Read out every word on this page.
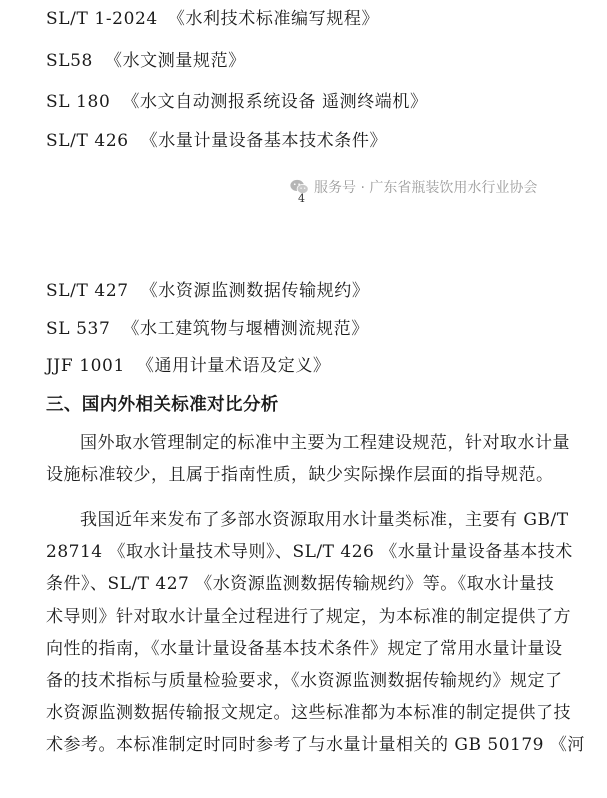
SL/T 1-2024 《水利技术标准编写规程》
SL58 《水文测量规范》
SL 180 《水文自动测报系统设备 遥测终端机》
SL/T 426 《水量计量设备基本技术条件》
服务号 · 广东省瓶装饮用水行业协会
4
SL/T 427 《水资源监测数据传输规约》
SL 537 《水工建筑物与堰槽测流规范》
JJF 1001 《通用计量术语及定义》
三、国内外相关标准对比分析

国外取水管理制定的标准中主要为工程建设规范，针对取水计量

设施标准较少，且属于指南性质，缺少实际操作层面的指导规范。

我国近年来发布了多部水资源取用水计量类标准，主要有 GB/T

28714 《取水计量技术导则》、SL/T 426 《水量计量设备基本技术

条件》、SL/T 427 《水资源监测数据传输规约》等。《取水计量技

术导则》针对取水计量全过程进行了规定，为本标准的制定提供了方

向性的指南，《水量计量设备基本技术条件》规定了常用水量计量设

备的技术指标与质量检验要求，《水资源监测数据传输规约》规定了

水资源监测数据传输报文规定。这些标准都为本标准的制定提供了技

术参考。本标准制定时同时参考了与水量计量相关的 GB 50179 《河
